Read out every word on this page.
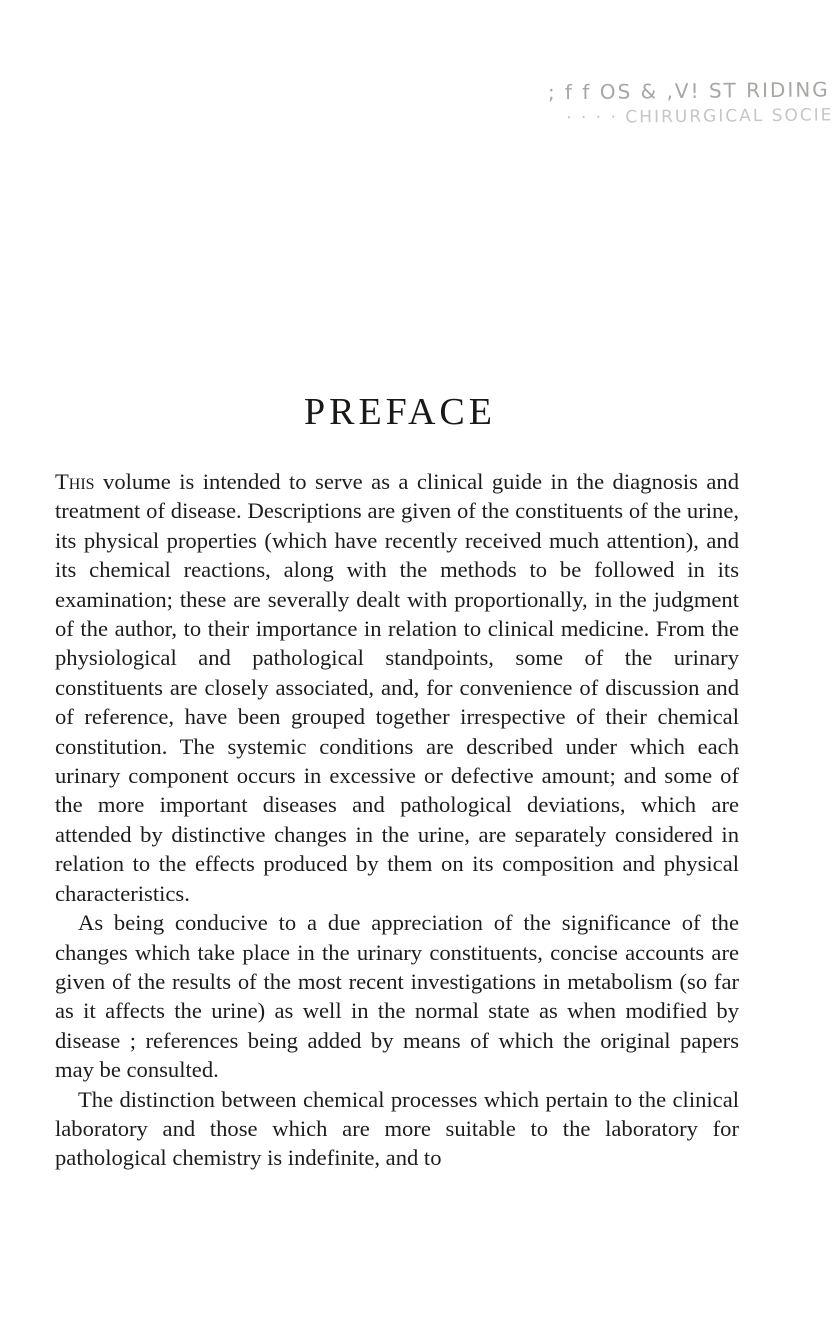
; f f OS & ,V! ST RIDING
· · · · CHIRURGICAL SOCIE
PREFACE

This volume is intended to serve as a clinical guide in the diagnosis and treatment of disease. Descriptions are given of the constituents of the urine, its physical properties (which have recently received much attention), and its chemical reactions, along with the methods to be followed in its examination; these are severally dealt with proportionally, in the judgment of the author, to their importance in relation to clinical medicine. From the physiological and pathological standpoints, some of the urinary constituents are closely associated, and, for convenience of discussion and of reference, have been grouped together irrespective of their chemical constitution. The systemic conditions are described under which each urinary component occurs in excessive or defective amount; and some of the more important diseases and pathological deviations, which are attended by distinctive changes in the urine, are separately considered in relation to the effects produced by them on its composition and physical characteristics.

As being conducive to a due appreciation of the significance of the changes which take place in the urinary constituents, concise accounts are given of the results of the most recent investigations in metabolism (so far as it affects the urine) as well in the normal state as when modified by disease ; references being added by means of which the original papers may be consulted.

The distinction between chemical processes which pertain to the clinical laboratory and those which are more suitable to the laboratory for pathological chemistry is indefinite, and to
